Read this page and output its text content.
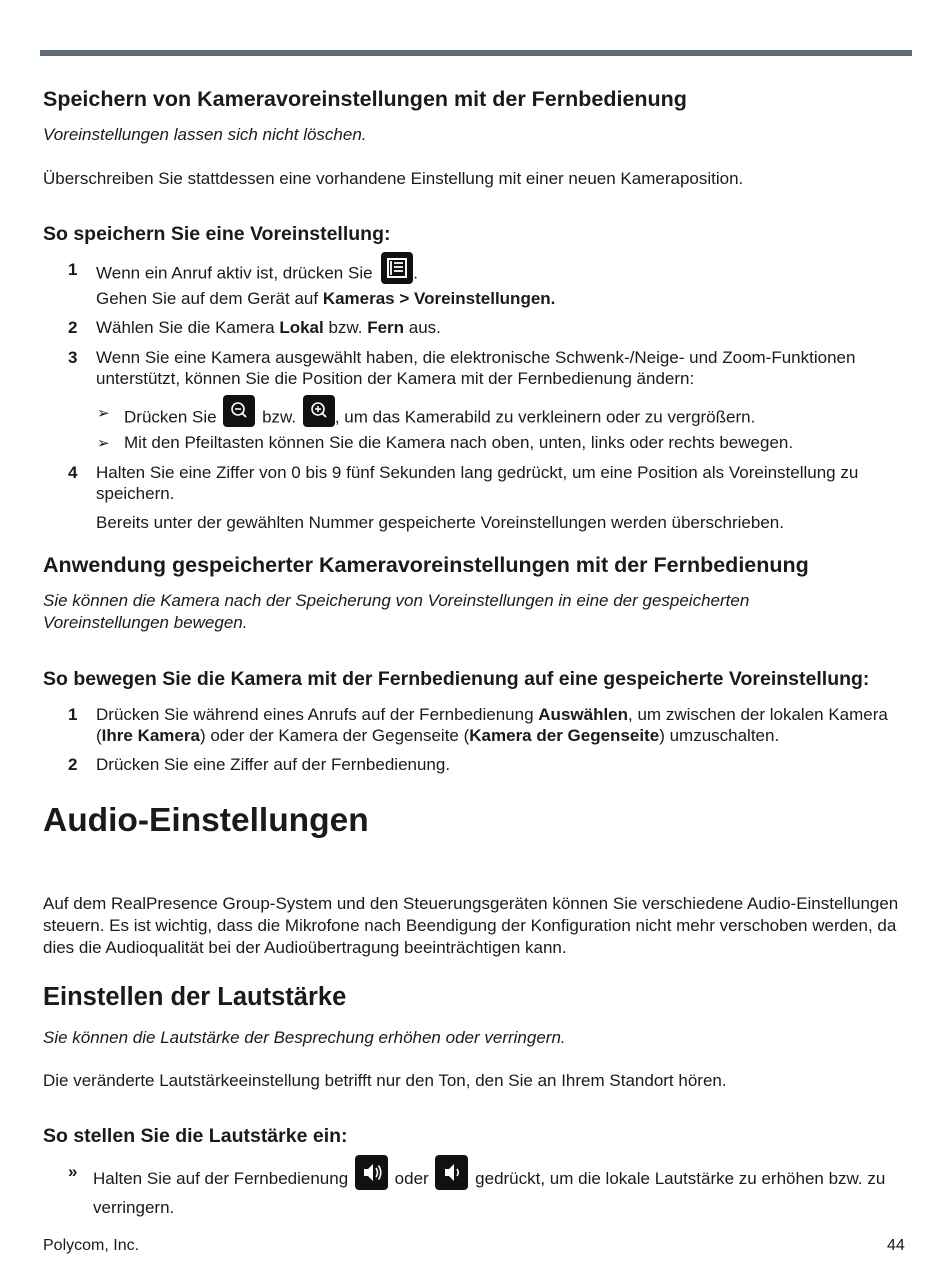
Speichern von Kameravoreinstellungen mit der Fernbedienung
Voreinstellungen lassen sich nicht löschen.
Überschreiben Sie stattdessen eine vorhandene Einstellung mit einer neuen Kameraposition.
So speichern Sie eine Voreinstellung:
1	Wenn ein Anruf aktiv ist, drücken Sie .
Gehen Sie auf dem Gerät auf Kameras > Voreinstellungen.
2	Wählen Sie die Kamera Lokal bzw. Fern aus.
3	Wenn Sie eine Kamera ausgewählt haben, die elektronische Schwenk-/Neige- und Zoom-Funktionen unterstützt, können Sie die Position der Kamera mit der Fernbedienung ändern:
➢ Drücken Sie	bzw. , um das Kamerabild zu verkleinern oder zu vergrößern.
➢ Mit den Pfeiltasten können Sie die Kamera nach oben, unten, links oder rechts bewegen.
4	Halten Sie eine Ziffer von 0 bis 9 fünf Sekunden lang gedrückt, um eine Position als Voreinstellung zu speichern.
Bereits unter der gewählten Nummer gespeicherte Voreinstellungen werden überschrieben.
Anwendung gespeicherter Kameravoreinstellungen mit der Fernbedienung
Sie können die Kamera nach der Speicherung von Voreinstellungen in eine der gespeicherten Voreinstellungen bewegen.
So bewegen Sie die Kamera mit der Fernbedienung auf eine gespeicherte Voreinstellung:
1	Drücken Sie während eines Anrufs auf der Fernbedienung Auswählen, um zwischen der lokalen Kamera (Ihre Kamera) oder der Kamera der Gegenseite (Kamera der Gegenseite) umzuschalten.
2	Drücken Sie eine Ziffer auf der Fernbedienung.
Audio-Einstellungen
Auf dem RealPresence Group-System und den Steuerungsgeräten können Sie verschiedene Audio-Einstellungen steuern. Es ist wichtig, dass die Mikrofone nach Beendigung der Konfiguration nicht mehr verschoben werden, da dies die Audioqualität bei der Audioübertragung beeinträchtigen kann.
Einstellen der Lautstärke
Sie können die Lautstärke der Besprechung erhöhen oder verringern.
Die veränderte Lautstärkeeinstellung betrifft nur den Ton, den Sie an Ihrem Standort hören.
So stellen Sie die Lautstärke ein:
» Halten Sie auf der Fernbedienung	oder	gedrückt, um die lokale Lautstärke zu erhöhen bzw. zu verringern.
Polycom, Inc.	44
